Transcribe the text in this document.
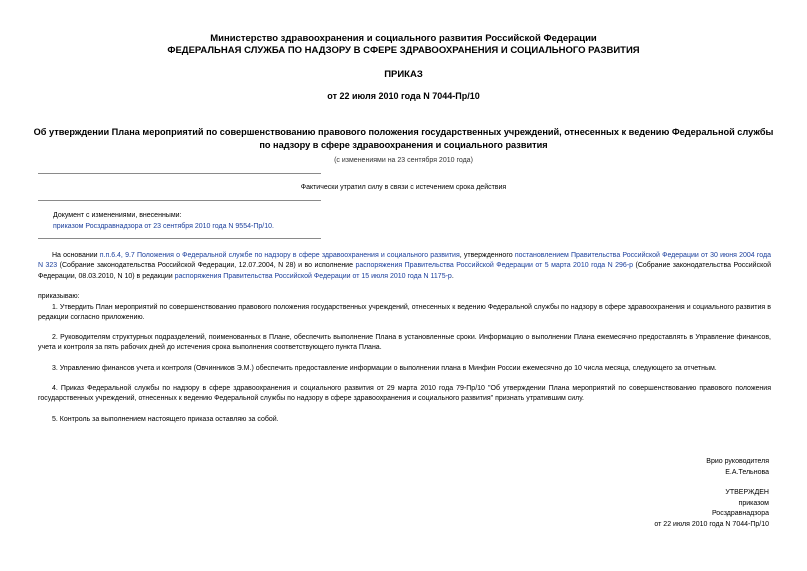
Министерство здравоохранения и социального развития Российской Федерации
ФЕДЕРАЛЬНАЯ СЛУЖБА ПО НАДЗОРУ В СФЕРЕ ЗДРАВООХРАНЕНИЯ И СОЦИАЛЬНОГО РАЗВИТИЯ
ПРИКАЗ
от 22 июля 2010 года N 7044-Пр/10
Об утверждении Плана мероприятий по совершенствованию правового положения государственных учреждений, отнесенных к ведению Федеральной службы по надзору в сфере здравоохранения и социального развития
(с изменениями на 23 сентября 2010 года)
Фактически утратил силу в связи с истечением срока действия
Документ с изменениями, внесенными:
приказом Росздравнадзора от 23 сентября 2010 года N 9554-Пр/10.
На основании п.п.6.4, 9.7 Положения о Федеральной службе по надзору в сфере здравоохранения и социального развития, утвержденного постановлением Правительства Российской Федерации от 30 июня 2004 года N 323 (Собрание законодательства Российской Федерации, 12.07.2004, N 28) и во исполнение распоряжения Правительства Российской Федерации от 5 марта 2010 года N 296-р (Собрание законодательства Российской Федерации, 08.03.2010, N 10) в редакции распоряжения Правительства Российской Федерации от 15 июля 2010 года N 1175-р.
приказываю:
1. Утвердить План мероприятий по совершенствованию правового положения государственных учреждений, отнесенных к ведению Федеральной службы по надзору в сфере здравоохранения и социального развития в редакции согласно приложению.
2. Руководителям структурных подразделений, поименованных в Плане, обеспечить выполнение Плана в установленные сроки. Информацию о выполнении Плана ежемесячно предоставлять в Управление финансов, учета и контроля за пять рабочих дней до истечения срока выполнения соответствующего пункта Плана.
3. Управлению финансов учета и контроля (Овчинников Э.М.) обеспечить предоставление информации о выполнении плана в Минфин России ежемесячно до 10 числа месяца, следующего за отчетным.
4. Приказ Федеральной службы по надзору в сфере здравоохранения и социального развития от 29 марта 2010 года 79-Пр/10 "Об утверждении Плана мероприятий по совершенствованию правового положения государственных учреждений, отнесенных к ведению Федеральной службы по надзору в сфере здравоохранения и социального развития" признать утратившим силу.
5. Контроль за выполнением настоящего приказа оставляю за собой.
Врио руководителя
Е.А.Тельнова
УТВЕРЖДЕН
приказом
Росздравнадзора
от 22 июля 2010 года N 7044-Пр/10
